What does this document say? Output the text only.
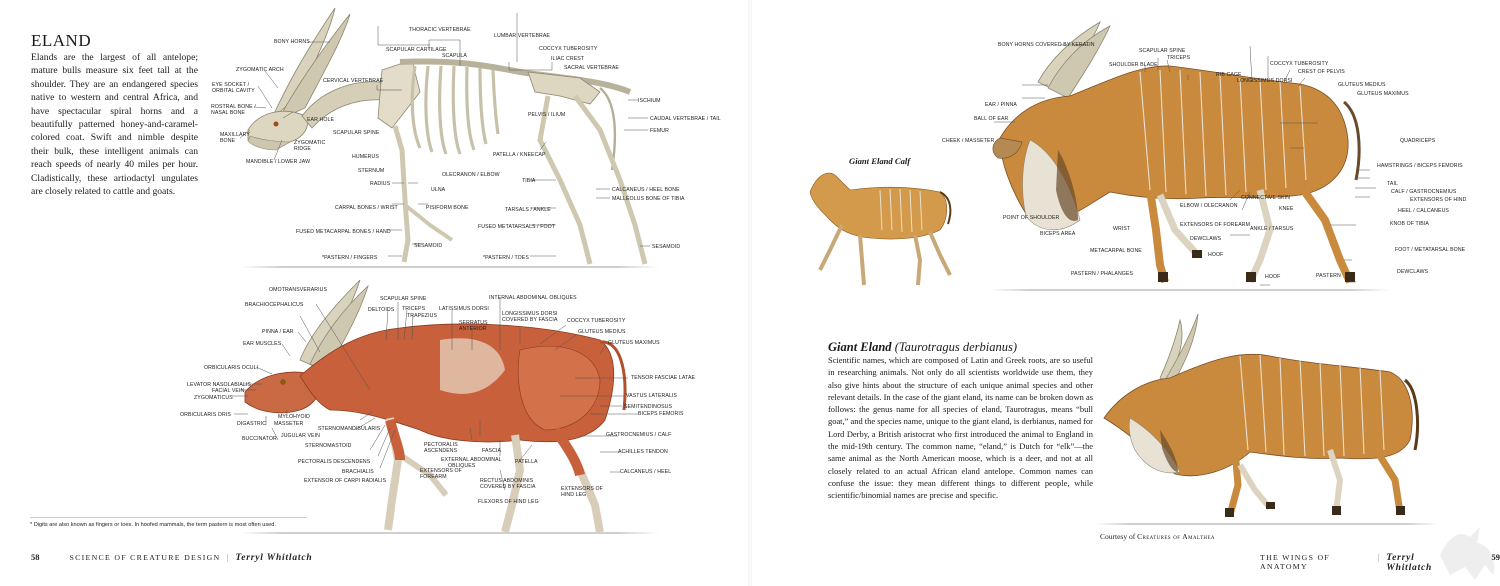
ELAND
Elands are the largest of all antelope; mature bulls measure six feet tall at the shoulder. They are an endangered species native to western and central Africa, and have spectacular spiral horns and a beautifully patterned honey-and-caramel-colored coat. Swift and nimble despite their bulk, these intelligent animals can reach speeds of nearly 40 miles per hour. Cladistically, these artiodactyl ungulates are closely related to cattle and goats.
BONY HORNS
ZYGOMATIC ARCH
EYE SOCKET /
ORBITAL CAVITY
ROSTRAL BONE /
NASAL BONE
MAXILLARY
BONE
MANDIBLE / LOWER JAW
ZYGOMATIC
RIDGE
EAR HOLE
CERVICAL VERTEBRAE
SCAPULAR SPINE
HUMERUS
STERNUM
RADIUS
ULNA
OLECRANON / ELBOW
CARPAL BONES / WRIST	PISIFORM BONE
FUSED METACARPAL BONES / HAND
SESAMOID
*PASTERN / FINGERS
THORACIC VERTEBRAE
SCAPULAR CARTILAGE
SCAPULA
LUMBAR VERTEBRAE
COCCYX TUBEROSITY
ILIAC CREST
SACRAL VERTEBRAE
ISCHIUM
PELVIS / ILIUM
CAUDAL VERTEBRAE / TAIL
FEMUR
PATELLA / KNEECAP
TIBIA
CALCANEUS / HEEL BONE
MALLEOLUS BONE OF TIBIA
TARSALS / ANKLE
FUSED METATARSALS / FOOT
SESAMOID
*PASTERN / TOES
OMOTRANSVERARIUS
BRACHIOCEPHALICUS
PINNA / EAR
EAR MUSCLES
ORBICULARIS OCULI
LEVATOR NASOLABIALIS
FACIAL VEIN
ZYGOMATICUS
ORBICULARIS ORIS
DIGASTRIC
BUCCINATOR
MYLOHYOID
MASSETER
JUGULAR VEIN
STERNOMANDIBULARIS
STERNOMASTOID
PECTORALIS DESCENDENS
BRACHIALIS
EXTENSOR OF CARPI RADIALIS
SCAPULAR SPINE
DELTOIDS TRICEPS
TRAPEZIUS
LATISSIMUS DORSI
SERRATUS
ANTERIOR
INTERNAL ABDOMINAL OBLIQUES
LONGISSIMUS DORSI
COVERED BY FASCIA COCCYX TUBEROSITY
GLUTEUS MEDIUS
GLUTEUS MAXIMUS
TENSOR FASCIAE LATAE
VASTUS LATERALIS
SEMITENDINOSUS
BICEPS FEMORIS
GASTROCNEMIUS / CALF
ACHILLES TENDON
CALCANEUS / HEEL
PECTORALIS
ASCENDENS	FASCIA
EXTERNAL ABDOMINAL
OBLIQUES
EXTENSORS OF
FOREARM
PATELLA
RECTUS ABDOMINIS
COVERED BY FASCIA	EXTENSORS OF
HIND LEG
FLEXORS OF HIND LEG
* Digits are also known as fingers or toes. In hoofed mammals, the term pastern is most often used.
58	SCIENCE OF CREATURE DESIGN | Terryl Whitlatch
Giant Eland Calf
BONY HORNS COVERED BY KERATIN
SCAPULAR SPINE
TRICEPS
SHOULDER BLADE
RIB CAGE
LONGISSIMUS DORSI
COCCYX TUBEROSITY
CREST OF PELVIS
GLUTEUS MEDIUS
GLUTEUS MAXIMUS
EAR / PINNA
BALL OF EAR
CHEEK / MASSETER	QUADRICEPS
HAMSTRINGS / BICEPS FEMORIS
TAIL
CALF / GASTROCNEMIUS
EXTENSORS OF HIND
HEEL / CALCANEUS
CONNECTIVE SKIN
KNEE
KNOB OF TIBIA
ANKLE / TARSUS
FOOT / METATARSAL BONE
DEWCLAWS
PASTERN
HOOF
POINT OF SHOULDER
BICEPS AREA
ELBOW / OLECRANON
WRIST
EXTENSORS OF FOREARM
DEWCLAWS
HOOF
METACARPAL BONE
PASTERN / PHALANGES
Giant Eland (Taurotragus derbianus)
Scientific names, which are composed of Latin and Greek roots, are so useful in researching animals. Not only do all scientists worldwide use them, they also give hints about the structure of each unique animal species and other relevant details. In the case of the giant eland, its name can be broken down as follows: the genus name for all species of eland, Taurotragus, means “bull goat,” and the species name, unique to the giant eland, is derbianus, named for Lord Derby, a British aristocrat who first introduced the animal to England in the mid-19th century. The common name, “eland,” is Dutch for “elk”—the same animal as the North American moose, which is a deer, and not at all closely related to an actual African eland antelope. Common names can confuse the issue: they mean different things to different people, while scientific/binomial names are precise and specific.
Courtesy of Creatures of Amalthea
THE WINGS OF ANATOMY
| Terryl Whitlatch
59
